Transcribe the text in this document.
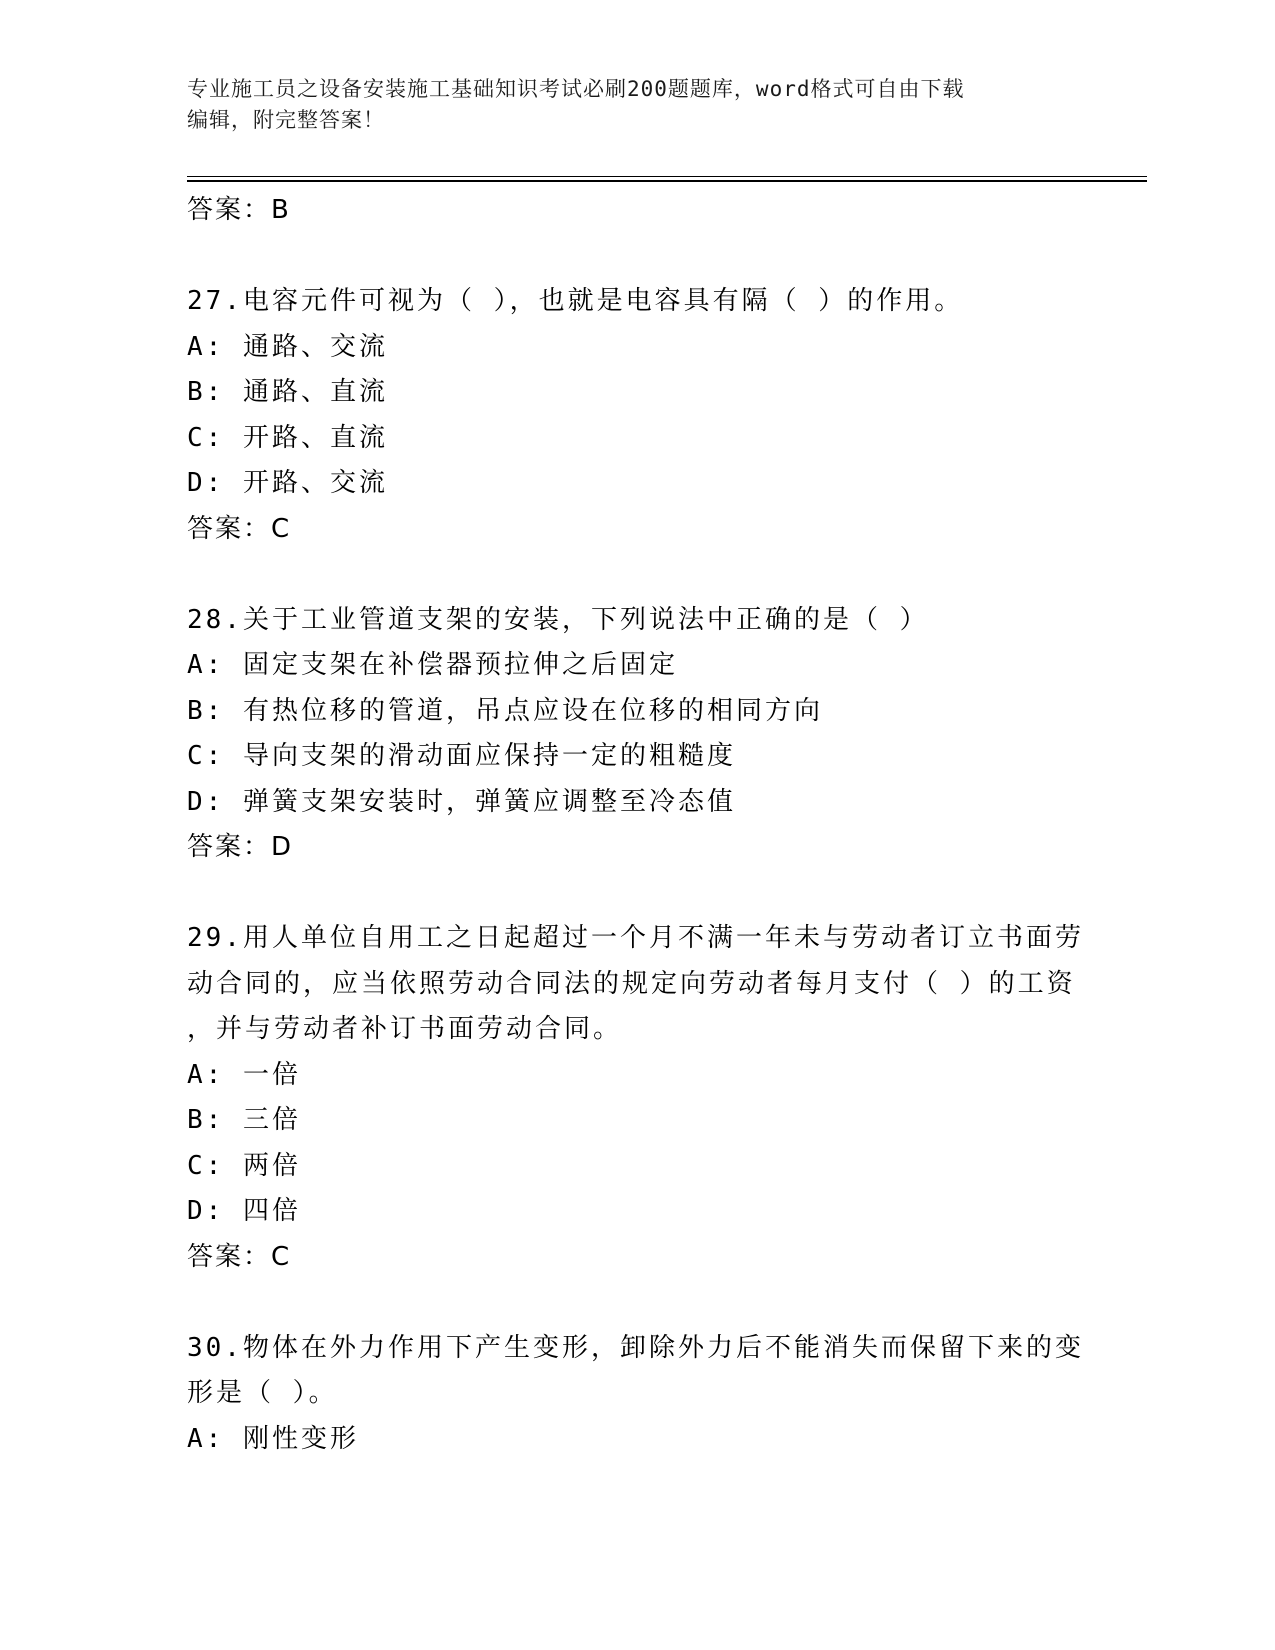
专业施工员之设备安装施工基础知识考试必刷200题题库，word格式可自由下载
编辑，附完整答案！
答案：B
27.电容元件可视为（ ），也就是电容具有隔（ ）的作用。
A: 通路、交流
B: 通路、直流
C: 开路、直流
D: 开路、交流
答案：C
28.关于工业管道支架的安装，下列说法中正确的是（ ）
A: 固定支架在补偿器预拉伸之后固定
B: 有热位移的管道，吊点应设在位移的相同方向
C: 导向支架的滑动面应保持一定的粗糙度
D: 弹簧支架安装时，弹簧应调整至冷态值
答案：D
29.用人单位自用工之日起超过一个月不满一年未与劳动者订立书面劳
动合同的，应当依照劳动合同法的规定向劳动者每月支付（ ）的工资
，并与劳动者补订书面劳动合同。
A: 一倍
B: 三倍
C: 两倍
D: 四倍
答案：C
30.物体在外力作用下产生变形，卸除外力后不能消失而保留下来的变
形是（ ）。
A: 刚性变形
